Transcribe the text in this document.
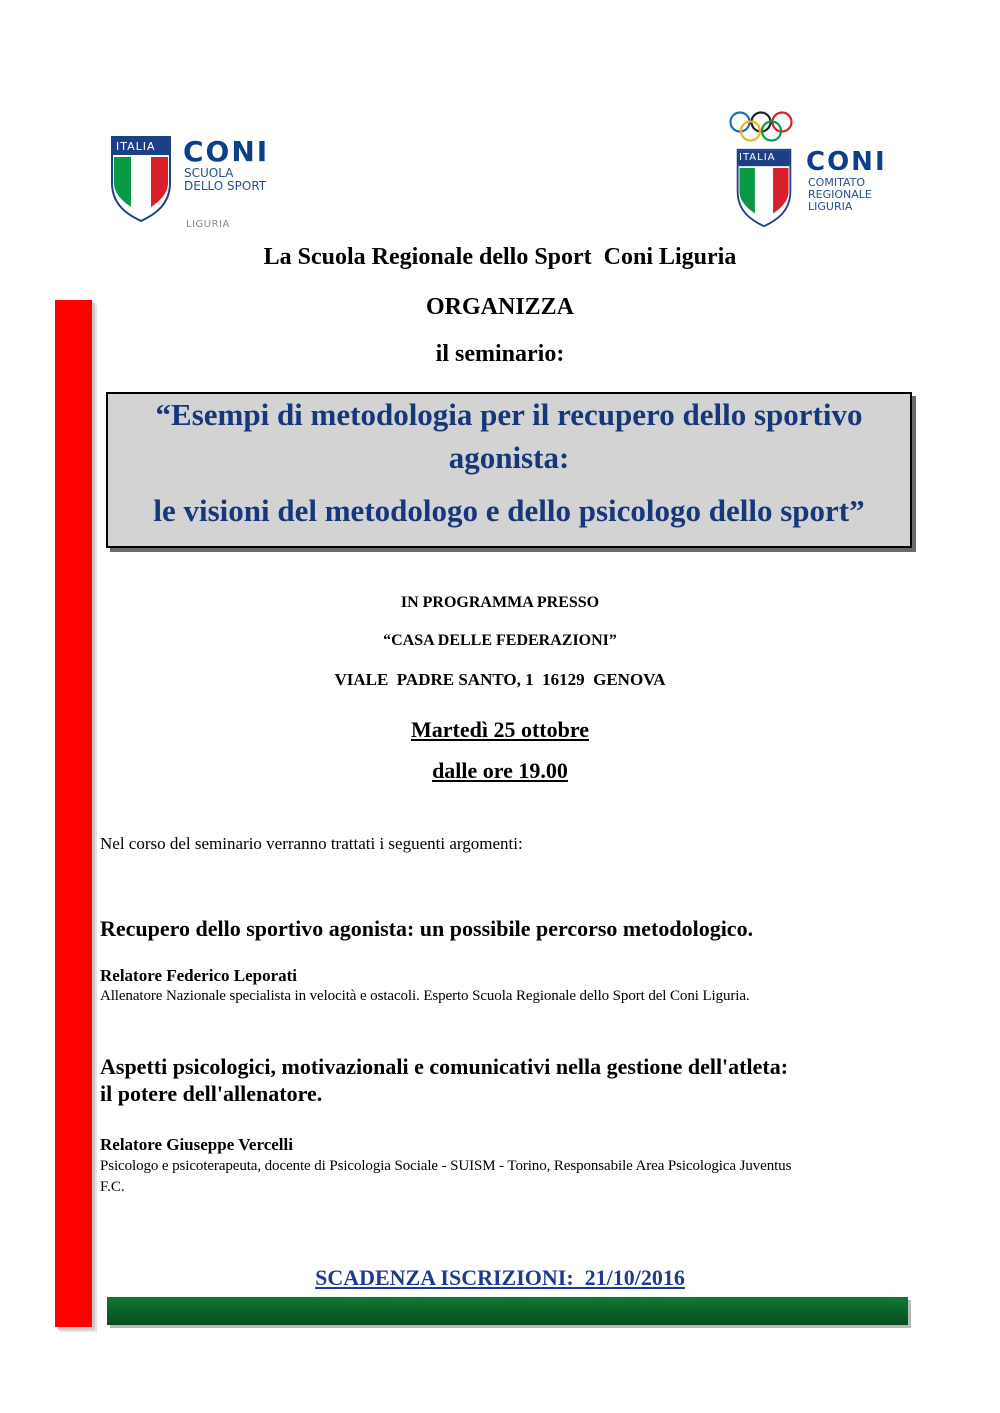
ITALIA CONI
SCUOLA
DELLO SPORT
LIGURIA
ITALIA CONI
COMITATO
REGIONALE
LIGURIA
La Scuola Regionale dello Sport  Coni Liguria
ORGANIZZA
il seminario:
“Esempi di metodologia per il recupero dello sportivo
agonista:
le visioni del metodologo e dello psicologo dello sport”
IN PROGRAMMA PRESSO
“CASA DELLE FEDERAZIONI”
VIALE  PADRE SANTO, 1  16129  GENOVA
Martedì 25 ottobre
dalle ore 19.00
Nel corso del seminario verranno trattati i seguenti argomenti:
Recupero dello sportivo agonista: un possibile percorso metodologico.
Relatore Federico Leporati
Allenatore Nazionale specialista in velocità e ostacoli. Esperto Scuola Regionale dello Sport del Coni Liguria.
Aspetti psicologici, motivazionali e comunicativi nella gestione dell'atleta:
il potere dell'allenatore.
Relatore Giuseppe Vercelli
Psicologo e psicoterapeuta, docente di Psicologia Sociale - SUISM - Torino, Responsabile Area Psicologica Juventus
F.C.
SCADENZA ISCRIZIONI:  21/10/2016
